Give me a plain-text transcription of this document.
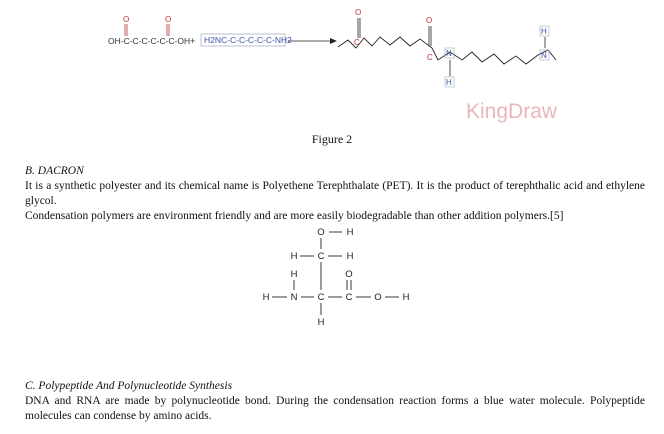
OH-C-C-C-C-C-C-OH
O	O
+ H2NC-C-C-C-C-C-NH2
O
C
O
C N
H
N
H
KingDraw
Figure 2
B. DACRON
It is a synthetic polyester and its chemical name is Polyethene Terephthalate (PET). It is the product of terephthalic acid and ethylene glycol.
Condensation polymers are environment friendly and are more easily biodegradable than other addition polymers.[5]
O H
H C H
H	O
H N C C O H
H
C. Polypeptide And Polynucleotide Synthesis
DNA and RNA are made by polynucleotide bond. During the condensation reaction forms a blue water molecule. Polypeptide molecules can condense by amino acids.
